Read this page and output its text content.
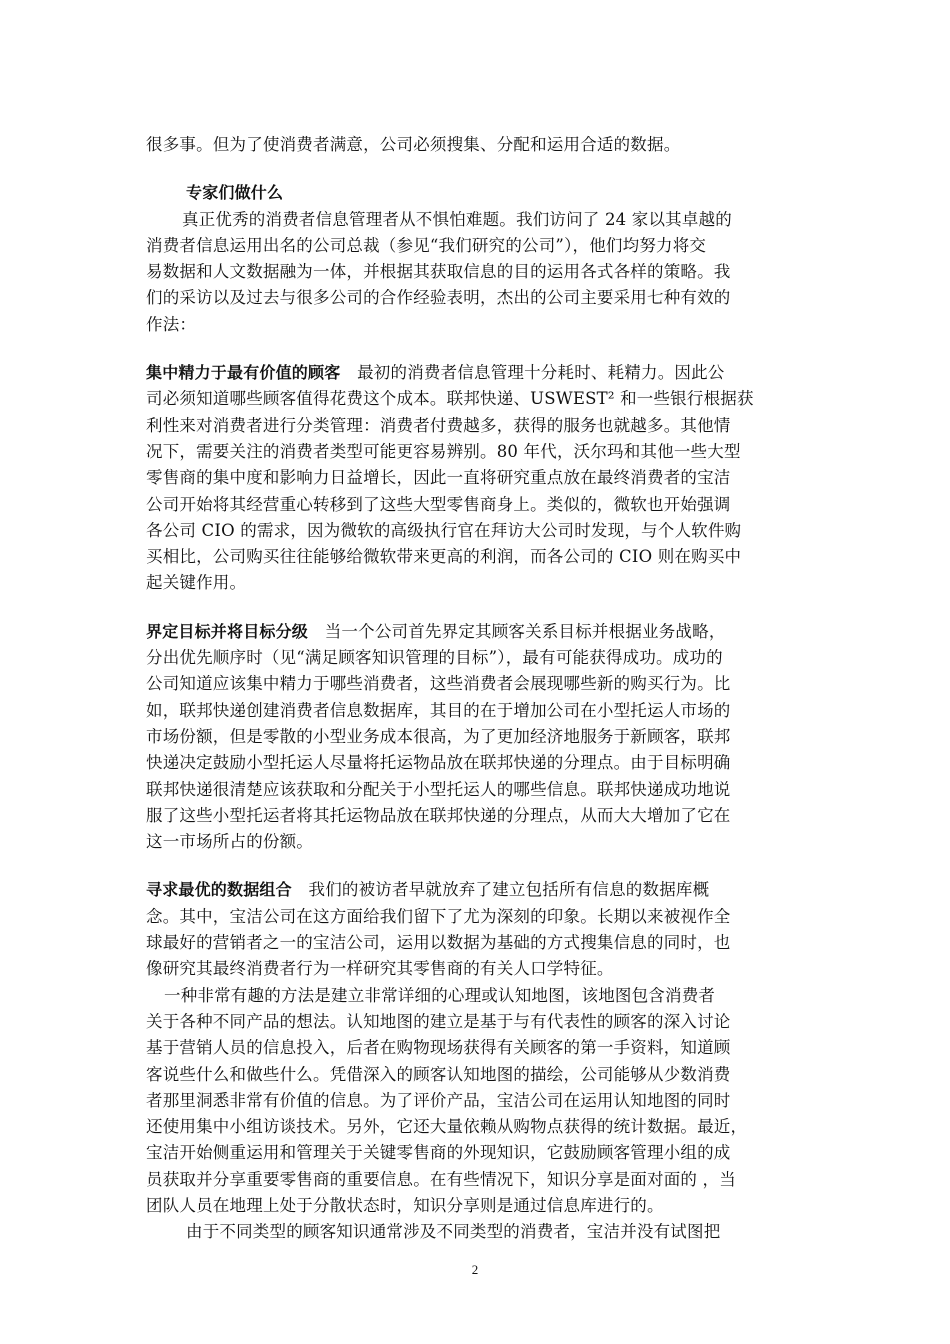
很多事。但为了使消费者满意，公司必须搜集、分配和运用合适的数据。
专家们做什么
真正优秀的消费者信息管理者从不惧怕难题。我们访问了 24 家以其卓越的
消费者信息运用出名的公司总裁（参见“我们研究的公司”），他们均努力将交
易数据和人文数据融为一体，并根据其获取信息的目的运用各式各样的策略。我
们的采访以及过去与很多公司的合作经验表明，杰出的公司主要采用七种有效的
作法：
集中精力于最有价值的顾客　最初的消费者信息管理十分耗时、耗精力。因此公
司必须知道哪些顾客值得花费这个成本。联邦快递、USWEST² 和一些银行根据获
利性来对消费者进行分类管理：消费者付费越多，获得的服务也就越多。其他情
况下，需要关注的消费者类型可能更容易辨别。80 年代，沃尔玛和其他一些大型
零售商的集中度和影响力日益增长，因此一直将研究重点放在最终消费者的宝洁
公司开始将其经营重心转移到了这些大型零售商身上。类似的，微软也开始强调
各公司 CIO 的需求，因为微软的高级执行官在拜访大公司时发现，与个人软件购
买相比，公司购买往往能够给微软带来更高的利润，而各公司的 CIO 则在购买中
起关键作用。
界定目标并将目标分级　当一个公司首先界定其顾客关系目标并根据业务战略，
分出优先顺序时（见“满足顾客知识管理的目标”），最有可能获得成功。成功的
公司知道应该集中精力于哪些消费者，这些消费者会展现哪些新的购买行为。比
如，联邦快递创建消费者信息数据库，其目的在于增加公司在小型托运人市场的
市场份额，但是零散的小型业务成本很高，为了更加经济地服务于新顾客，联邦
快递决定鼓励小型托运人尽量将托运物品放在联邦快递的分理点。由于目标明确
联邦快递很清楚应该获取和分配关于小型托运人的哪些信息。联邦快递成功地说
服了这些小型托运者将其托运物品放在联邦快递的分理点，从而大大增加了它在
这一市场所占的份额。
寻求最优的数据组合　我们的被访者早就放弃了建立包括所有信息的数据库概
念。其中，宝洁公司在这方面给我们留下了尤为深刻的印象。长期以来被视作全
球最好的营销者之一的宝洁公司，运用以数据为基础的方式搜集信息的同时，也
像研究其最终消费者行为一样研究其零售商的有关人口学特征。
一种非常有趣的方法是建立非常详细的心理或认知地图，该地图包含消费者
关于各种不同产品的想法。认知地图的建立是基于与有代表性的顾客的深入讨论
基于营销人员的信息投入，后者在购物现场获得有关顾客的第一手资料，知道顾
客说些什么和做些什么。凭借深入的顾客认知地图的描绘，公司能够从少数消费
者那里洞悉非常有价值的信息。为了评价产品，宝洁公司在运用认知地图的同时
还使用集中小组访谈技术。另外，它还大量依赖从购物点获得的统计数据。最近，
宝洁开始侧重运用和管理关于关键零售商的外现知识，它鼓励顾客管理小组的成
员获取并分享重要零售商的重要信息。在有些情况下，知识分享是面对面的 ，当
团队人员在地理上处于分散状态时，知识分享则是通过信息库进行的。
由于不同类型的顾客知识通常涉及不同类型的消费者，宝洁并没有试图把
2
